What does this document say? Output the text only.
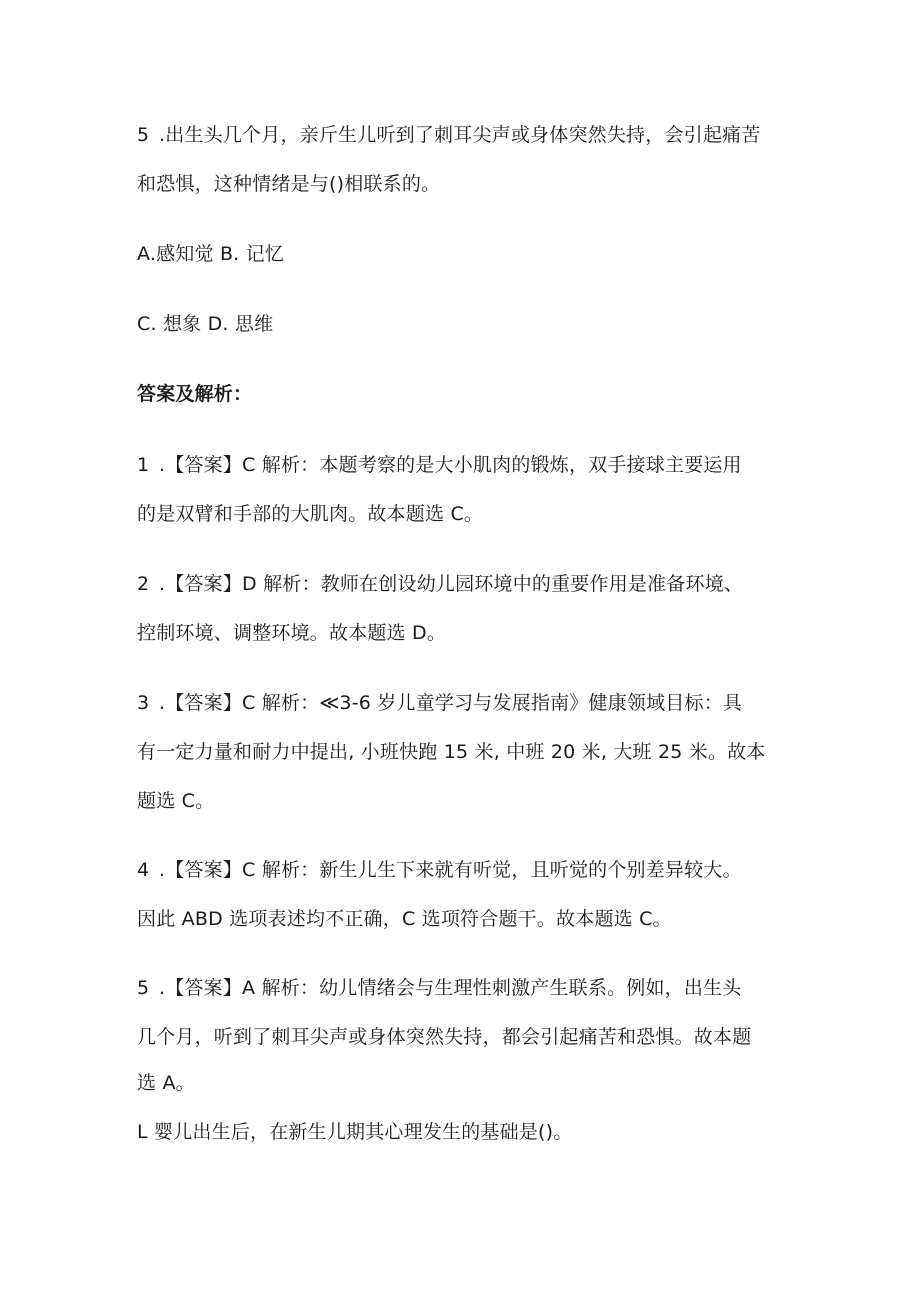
5 .出生头几个月，亲斤生儿听到了刺耳尖声或身体突然失持，会引起痛苦
和恐惧，这种情绪是与()相联系的。
A.感知觉 B. 记忆
C. 想象 D. 思维
答案及解析：
1 .【答案】C 解析：本题考察的是大小肌肉的锻炼，双手接球主要运用
的是双臂和手部的大肌肉。故本题选 C。
2 .【答案】D 解析：教师在创设幼儿园环境中的重要作用是准备环境、
控制环境、调整环境。故本题选 D。
3 .【答案】C 解析：≪3-6 岁儿童学习与发展指南》健康领域目标：具
有一定力量和耐力中提出, 小班快跑 15 米, 中班 20 米, 大班 25 米。故本
题选 C。
4 .【答案】C 解析：新生儿生下来就有听觉，且听觉的个别差异较大。
因此 ABD 选项表述均不正确，C 选项符合题干。故本题选 C。
5 .【答案】A 解析：幼儿情绪会与生理性刺激产生联系。例如，出生头
几个月，听到了刺耳尖声或身体突然失持，都会引起痛苦和恐惧。故本题
选 A。
L 婴儿出生后，在新生儿期其心理发生的基础是()。
